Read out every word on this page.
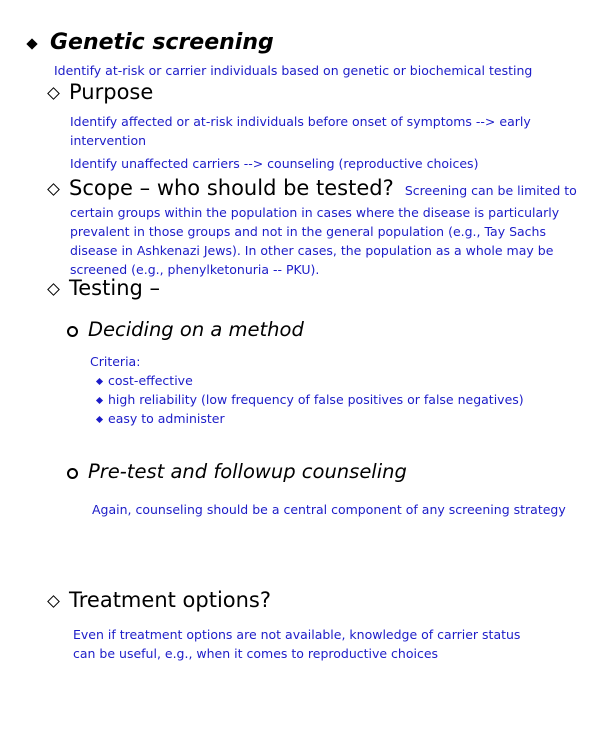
Genetic screening
Identify at-risk or carrier individuals based on genetic or biochemical testing
Purpose
Identify affected or at-risk individuals before onset of symptoms --> early
intervention
Identify unaffected carriers --> counseling (reproductive choices)
Scope – who should be tested? Screening can be limited to
certain groups within the population in cases where the disease is particularly
prevalent in those groups and not in the general population (e.g., Tay Sachs
disease in Ashkenazi Jews). In other cases, the population as a whole may be
screened (e.g., phenylketonuria -- PKU).
Testing –
Deciding on a method
Criteria:
cost-effective
high reliability (low frequency of false positives or false negatives)
easy to administer
Pre-test and followup counseling
Again, counseling should be a central component of any screening strategy
Treatment options?
Even if treatment options are not available, knowledge of carrier status
can be useful, e.g., when it comes to reproductive choices
